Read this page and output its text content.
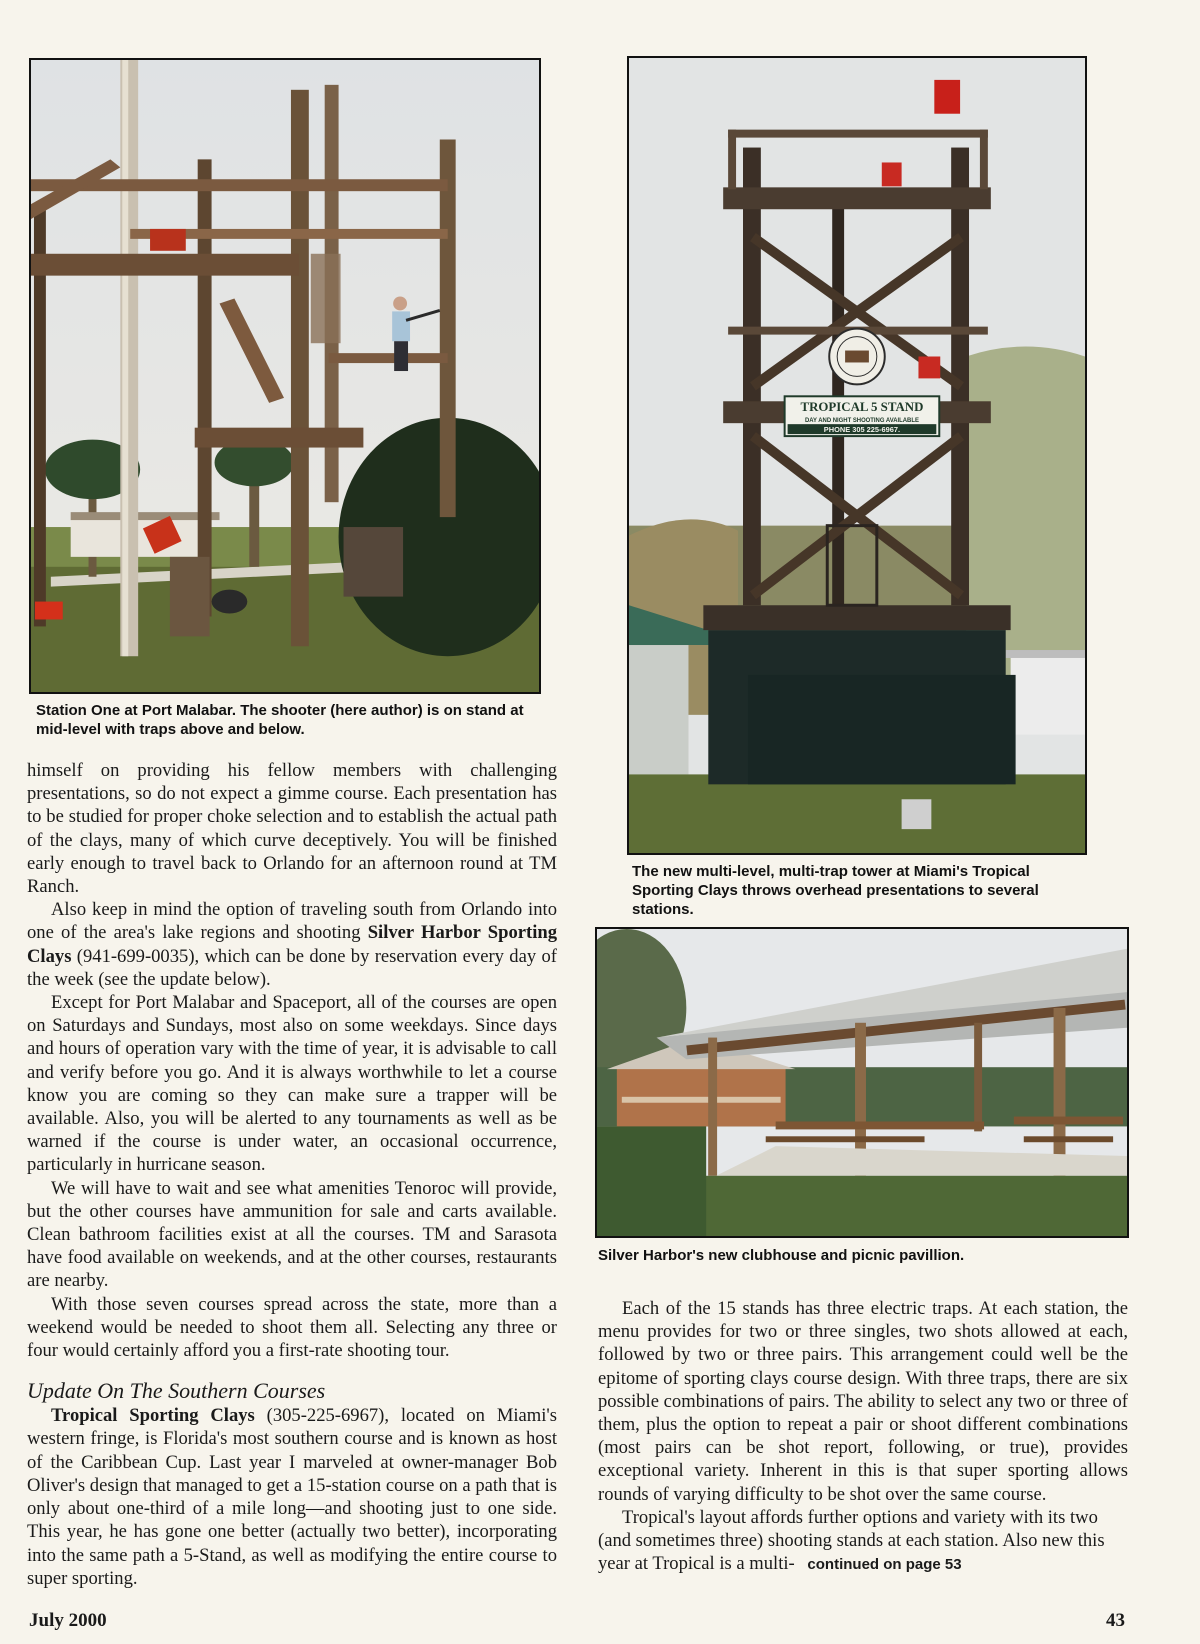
Station One at Port Malabar. The shooter (here author) is on stand at mid-level with traps above and below.
TROPICAL 5 STAND
DAY AND NIGHT SHOOTING AVAILABLE
PHONE 305 225-6967.
The new multi-level, multi-trap tower at Miami's Tropical Sporting Clays throws overhead presentations to several stations.
Silver Harbor's new clubhouse and picnic pavillion.

himself on providing his fellow members with challenging presentations, so do not expect a gimme course. Each presentation has to be studied for proper choke selection and to establish the actual path of the clays, many of which curve deceptively. You will be finished early enough to travel back to Orlando for an afternoon round at TM Ranch.

Also keep in mind the option of traveling south from Orlando into one of the area's lake regions and shooting Silver Harbor Sporting Clays (941-699-0035), which can be done by reservation every day of the week (see the update below).

Except for Port Malabar and Spaceport, all of the courses are open on Saturdays and Sundays, most also on some weekdays. Since days and hours of operation vary with the time of year, it is advisable to call and verify before you go. And it is always worthwhile to let a course know you are coming so they can make sure a trapper will be available. Also, you will be alerted to any tournaments as well as be warned if the course is under water, an occasional occurrence, particularly in hurricane season.

We will have to wait and see what amenities Tenoroc will provide, but the other courses have ammunition for sale and carts available. Clean bathroom facilities exist at all the courses. TM and Sarasota have food available on weekends, and at the other courses, restaurants are nearby.

With those seven courses spread across the state, more than a weekend would be needed to shoot them all. Selecting any three or four would certainly afford you a first-rate shooting tour.

Update On The Southern Courses

Tropical Sporting Clays (305-225-6967), located on Miami's western fringe, is Florida's most southern course and is known as host of the Caribbean Cup. Last year I marveled at owner-manager Bob Oliver's design that managed to get a 15-station course on a path that is only about one-third of a mile long—and shooting just to one side. This year, he has gone one better (actually two better), incorporating into the same path a 5-Stand, as well as modifying the entire course to super sporting.

Each of the 15 stands has three electric traps. At each station, the menu provides for two or three singles, two shots allowed at each, followed by two or three pairs. This arrangement could well be the epitome of sporting clays course design. With three traps, there are six possible combinations of pairs. The ability to select any two or three of them, plus the option to repeat a pair or shoot different combinations (most pairs can be shot report, following, or true), provides exceptional variety. Inherent in this is that super sporting allows rounds of varying difficulty to be shot over the same course.

Tropical's layout affords further options and variety with its two (and sometimes three) shooting stands at each station. Also new this year at Tropical is a multi- continued on page 53

July 2000	43
